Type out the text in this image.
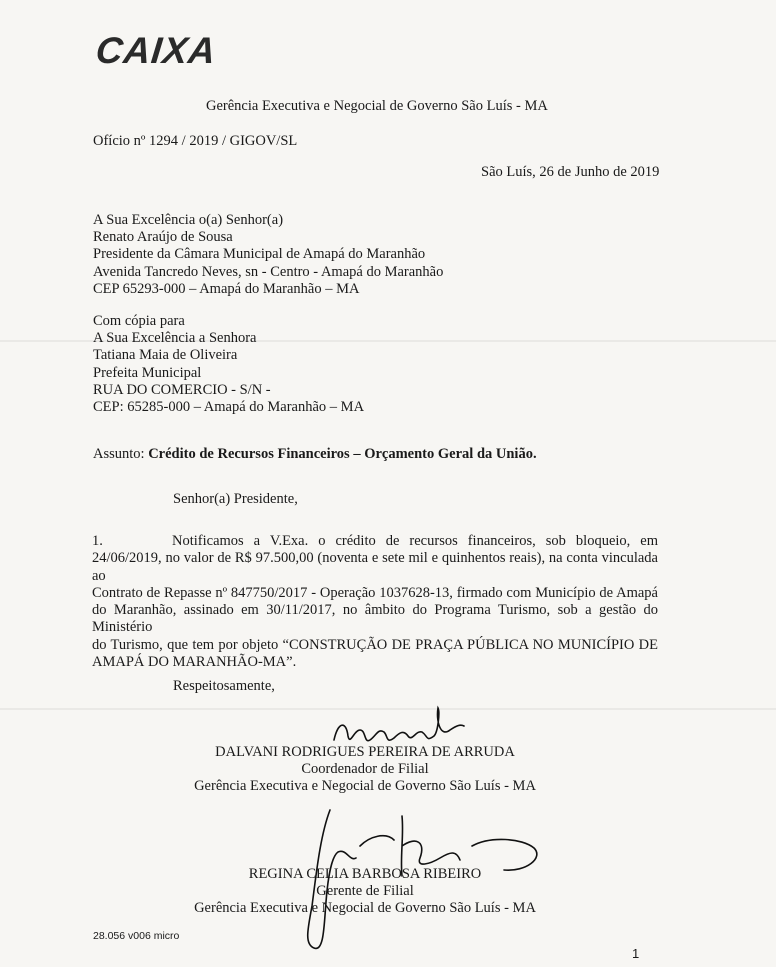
CAIXA
Gerência Executiva e Negocial de Governo São Luís - MA
Ofício nº 1294 / 2019 / GIGOV/SL
São Luís, 26 de Junho de 2019
A Sua Excelência o(a) Senhor(a)
Renato Araújo de Sousa
Presidente da Câmara Municipal de Amapá do Maranhão
Avenida Tancredo Neves, sn - Centro - Amapá do Maranhão
CEP 65293-000 – Amapá do Maranhão – MA
Com cópia para
A Sua Excelência a Senhora
Tatiana Maia de Oliveira
Prefeita Municipal
RUA DO COMERCIO - S/N -
CEP: 65285-000 – Amapá do Maranhão – MA
Assunto: Crédito de Recursos Financeiros – Orçamento Geral da União.
Senhor(a) Presidente,
1.	Notificamos a V.Exa. o crédito de recursos financeiros, sob bloqueio, em
24/06/2019, no valor de R$ 97.500,00 (noventa e sete mil e quinhentos reais), na conta vinculada ao
Contrato de Repasse nº 847750/2017 - Operação 1037628-13, firmado com Município de Amapá
do Maranhão, assinado em 30/11/2017, no âmbito do Programa Turismo, sob a gestão do Ministério
do Turismo, que tem por objeto “CONSTRUÇÃO DE PRAÇA PÚBLICA NO MUNICÍPIO DE
AMAPÁ DO MARANHÃO-MA”.
Respeitosamente,
DALVANI RODRIGUES PEREIRA DE ARRUDA
Coordenador de Filial
Gerência Executiva e Negocial de Governo São Luís - MA
REGINA CELIA BARBOSA RIBEIRO
Gerente de Filial
Gerência Executiva e Negocial de Governo São Luís - MA
28.056 v006 micro
1
